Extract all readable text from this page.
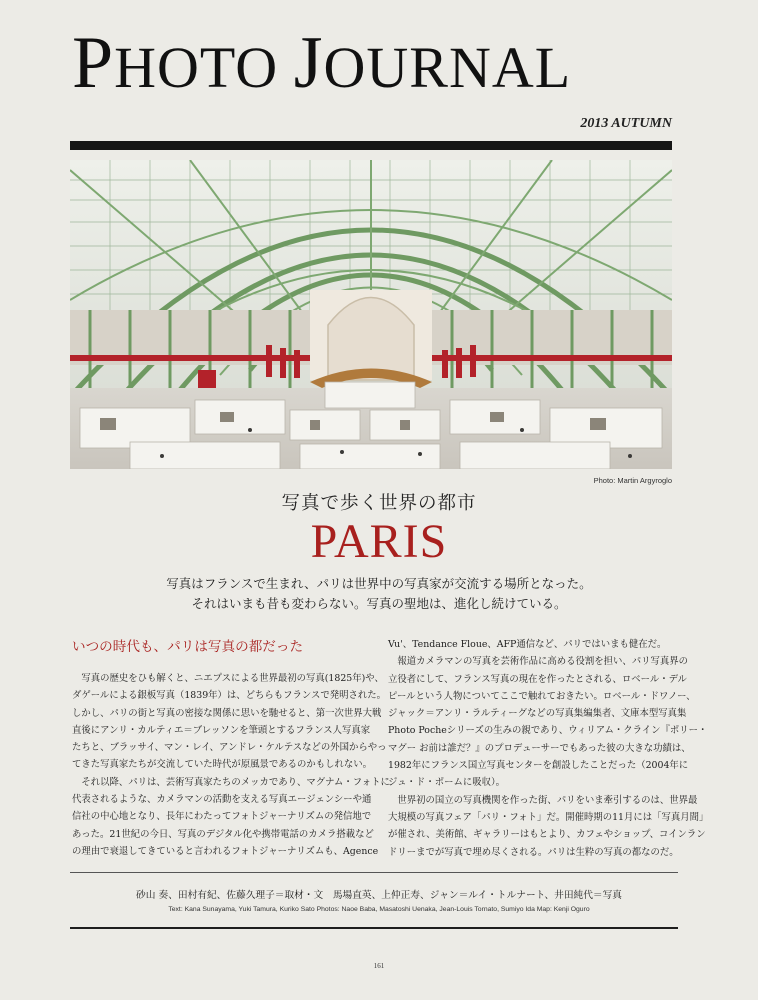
PHOTO JOURNAL
2013 AUTUMN
Photo: Martin Argyroglo
写真で歩く世界の都市
PARIS
写真はフランスで生まれ、パリは世界中の写真家が交流する場所となった。
それはいまも昔も変わらない。写真の聖地は、進化し続けている。
いつの時代も、パリは写真の都だった

　写真の歴史をひも解くと、ニエプスによる世界最初の写真(1825年)や、

ダゲールによる銀板写真（1839年）は、どちらもフランスで発明された。

しかし、パリの街と写真の密接な関係に思いを馳せると、第一次世界大戦

直後にアンリ・カルティエ＝ブレッソンを筆頭とするフランス人写真家

たちと、ブラッサイ、マン・レイ、アンドレ・ケルテスなどの外国からやっ

てきた写真家たちが交流していた時代が原風景であるのかもしれない。

　それ以降、パリは、芸術写真家たちのメッカであり、マグナム・フォトに

代表されるような、カメラマンの活動を支える写真エージェンシーや通

信社の中心地となり、長年にわたってフォトジャーナリズムの発信地で

あった。21世紀の今日、写真のデジタル化や携帯電話のカメラ搭載など

の理由で衰退してきていると言われるフォトジャーナリズムも、Agence

Vu'、Tendance Floue、AFP通信など、パリではいまも健在だ。

　報道カメラマンの写真を芸術作品に高める役割を担い、パリ写真界の

立役者にして、フランス写真の現在を作ったとされる、ロベール・デル

ピールという人物についてここで触れておきたい。ロベール・ドワノー、

ジャック＝アンリ・ラルティーグなどの写真集編集者、文庫本型写真集

Photo Pocheシリーズの生みの親であり、ウィリアム・クライン『ポリー・

マグー お前は誰だ？』のプロデューサーでもあった彼の大きな功績は、

1982年にフランス国立写真センターを創設したことだった（2004年に

ジュ・ド・ポームに吸収）。

　世界初の国立の写真機関を作った街、パリをいま牽引するのは、世界最

大規模の写真フェア「パリ・フォト」だ。開催時期の11月には「写真月間」

が催され、美術館、ギャラリーはもとより、カフェやショップ、コインラン

ドリーまでが写真で埋め尽くされる。パリは生粋の写真の都なのだ。

砂山 奏、田村有紀、佐藤久理子＝取材・文　馬場直英、上仲正寿、ジャン＝ルイ・トルナート、井田純代＝写真
Text: Kana Sunayama, Yuki Tamura, Kuriko Sato Photos: Naoe Baba, Masatoshi Uenaka, Jean-Louis Tornato, Sumiyo Ida Map: Kenji Oguro
161
